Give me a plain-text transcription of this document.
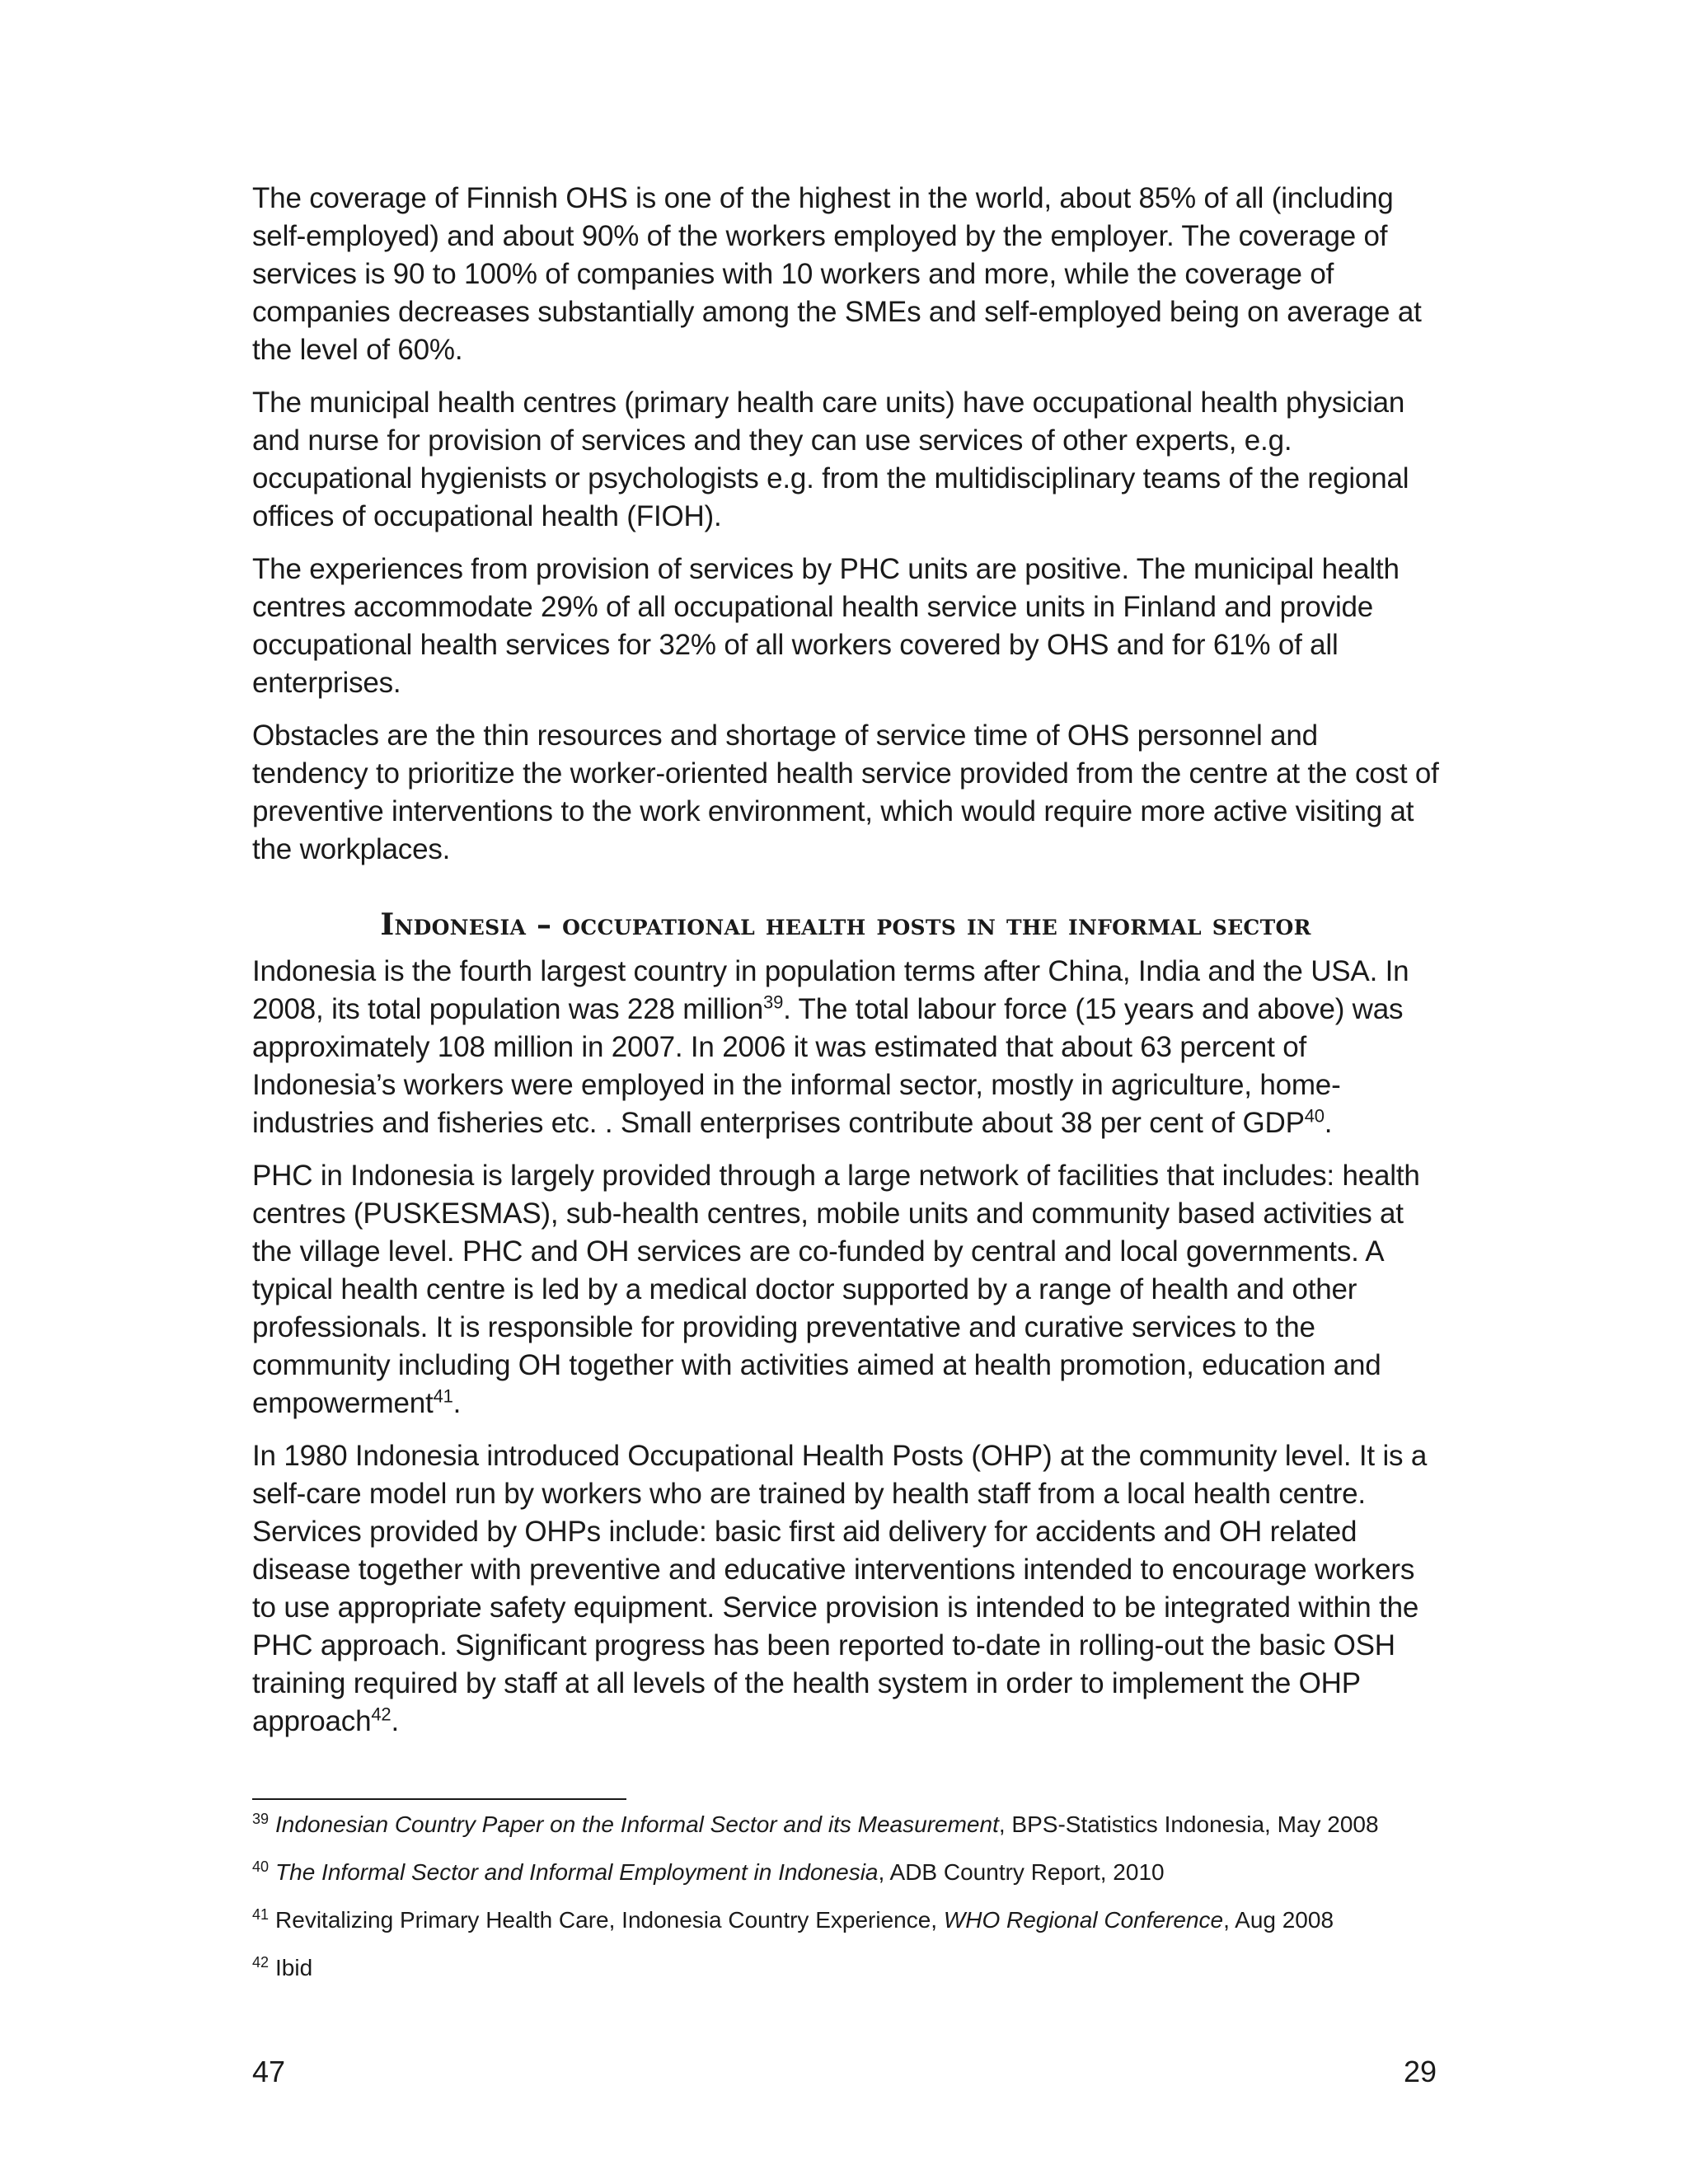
The coverage of Finnish OHS is one of the highest in the world, about 85% of all (including self-employed) and about 90% of the workers employed by the employer. The coverage of services is 90 to 100% of companies with 10 workers and more, while the coverage of companies decreases substantially among the SMEs and self-employed being on average at the level of 60%.

The municipal health centres (primary health care units) have occupational health physician and nurse for provision of services and they can use services of other experts, e.g. occupational hygienists or psychologists e.g. from the multidisciplinary teams of the regional offices of occupational health (FIOH).

The experiences from provision of services by PHC units are positive. The municipal health centres accommodate 29% of all occupational health service units in Finland and provide occupational health services for 32% of all workers covered by OHS and for 61% of all enterprises.

Obstacles are the thin resources and shortage of service time of OHS personnel and tendency to prioritize the worker-oriented health service provided from the centre at the cost of preventive interventions to the work environment, which would require more active visiting at the workplaces.

Indonesia – occupational health posts in the informal sector

Indonesia is the fourth largest country in population terms after China, India and the USA. In 2008, its total population was 228 million$^{39}$. The total labour force (15 years and above) was approximately 108 million in 2007. In 2006 it was estimated that about 63 percent of Indonesia’s workers were employed in the informal sector, mostly in agriculture, home-industries and fisheries etc. . Small enterprises contribute about 38 per cent of GDP$^{40}$.

PHC in Indonesia is largely provided through a large network of facilities that includes: health centres (PUSKESMAS), sub-health centres, mobile units and community based activities at the village level. PHC and OH services are co-funded by central and local governments. A typical health centre is led by a medical doctor supported by a range of health and other professionals. It is responsible for providing preventative and curative services to the community including OH together with activities aimed at health promotion, education and empowerment$^{41}$.

In 1980 Indonesia introduced Occupational Health Posts (OHP) at the community level. It is a self-care model run by workers who are trained by health staff from a local health centre. Services provided by OHPs include: basic first aid delivery for accidents and OH related disease together with preventive and educative interventions intended to encourage workers to use appropriate safety equipment. Service provision is intended to be integrated within the PHC approach. Significant progress has been reported to-date in rolling-out the basic OSH training required by staff at all levels of the health system in order to implement the OHP approach$^{42}$.

$^{39}$ Indonesian Country Paper on the Informal Sector and its Measurement, BPS-Statistics Indonesia, May 2008

$^{40}$ The Informal Sector and Informal Employment in Indonesia, ADB Country Report, 2010

$^{41}$ Revitalizing Primary Health Care, Indonesia Country Experience, WHO Regional Conference, Aug 2008

$^{42}$ Ibid

47	29
